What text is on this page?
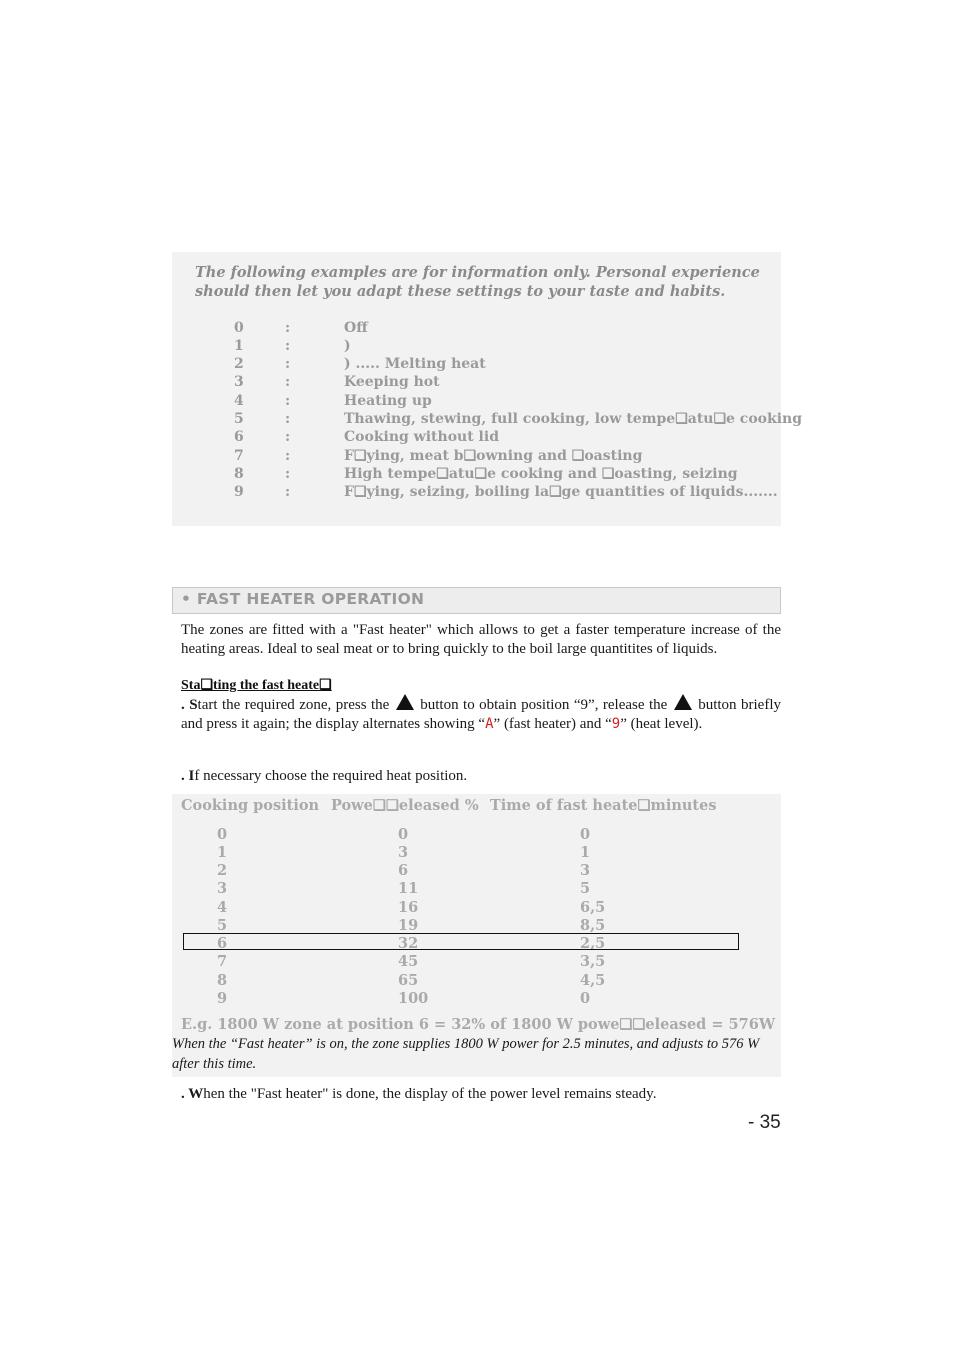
The following examples are for information only. Personal experience should then let you adapt these settings to your taste and habits.
0	:	Off
1	:	)
2	:	) ..... Melting heat
3	:	Keeping hot
4	:	Heating up
5	:	Thawing, stewing, full cooking, low tempe❑atu❑e cooking
6	:	Cooking without lid
7	:	F❑ying, meat b❑owning and ❑oasting
8	:	High tempe❑atu❑e cooking and ❑oasting, seizing
9	:	F❑ying, seizing, boiling la❑ge quantities of liquids.......
• FAST HEATER OPERATION
The zones are fitted with a "Fast heater" which allows to get a faster temperature increase of the heating areas. Ideal to seal meat or to bring quickly to the boil large quantitites of liquids.
Sta❑ting the fast heate❑
. Start the required zone, press the button to obtain position “9”, release the button briefly and press it again; the display alternates showing “A” (fast heater) and “9” (heat level).
. If necessary choose the required heat position.
Cooking position Powe❑❑eleased % Time of fast heate❑minutes
0	0	0
1	3	1
2	6	3
3	11	5
4	16	6,5
5	19	8,5
6	32	2,5
7	45	3,5
8	65	4,5
9	100	0
E.g. 1800 W zone at position 6 = 32% of 1800 W powe❑❑eleased = 576W
When the “Fast heater” is on, the zone supplies 1800 W power for 2.5 minutes, and adjusts to 576 W after this time.
. When the "Fast heater" is done, the display of the power level remains steady.
- 35
